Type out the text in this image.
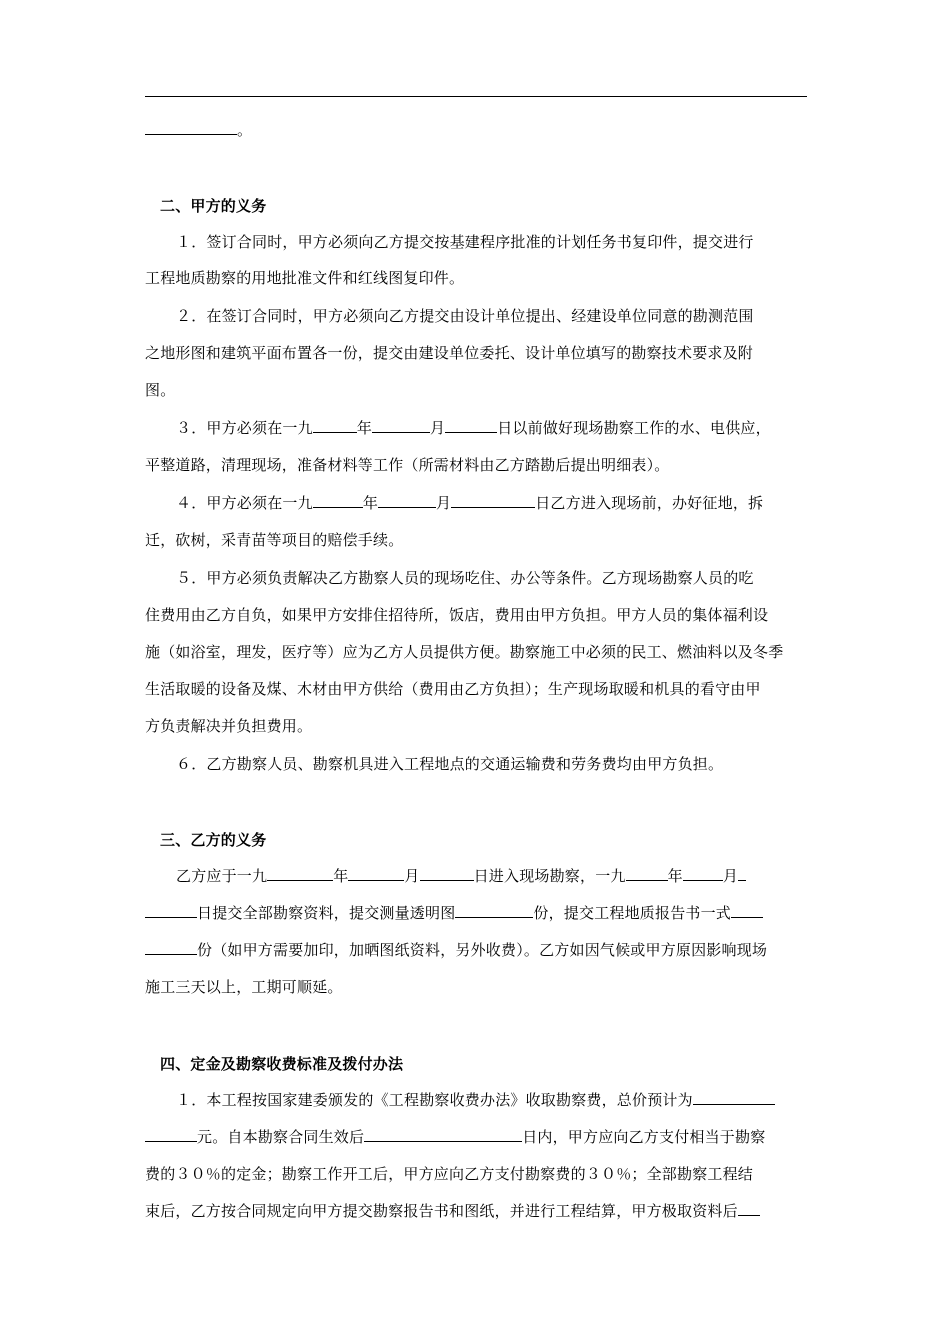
。
二、甲方的义务
１．签订合同时，甲方必须向乙方提交按基建程序批准的计划任务书复印件，提交进行
工程地质勘察的用地批准文件和红线图复印件。
２．在签订合同时，甲方必须向乙方提交由设计单位提出、经建设单位同意的勘测范围
之地形图和建筑平面布置各一份，提交由建设单位委托、设计单位填写的勘察技术要求及附
图。
３．甲方必须在一九	年	月	日以前做好现场勘察工作的水、电供应，
平整道路，清理现场，准备材料等工作（所需材料由乙方踏勘后提出明细表）。
４．甲方必须在一九	年	月	日乙方进入现场前，办好征地，拆
迁，砍树，采青苗等项目的赔偿手续。
５．甲方必须负责解决乙方勘察人员的现场吃住、办公等条件。乙方现场勘察人员的吃
住费用由乙方自负，如果甲方安排住招待所，饭店，费用由甲方负担。甲方人员的集体福利设
施（如浴室，理发，医疗等）应为乙方人员提供方便。勘察施工中必须的民工、燃油料以及冬季
生活取暖的设备及煤、木材由甲方供给（费用由乙方负担）；生产现场取暖和机具的看守由甲
方负责解决并负担费用。
６．乙方勘察人员、勘察机具进入工程地点的交通运输费和劳务费均由甲方负担。
三、乙方的义务
乙方应于一九	年	月	日进入现场勘察，一九	年	月
日提交全部勘察资料，提交测量透明图	份，提交工程地质报告书一式
份（如甲方需要加印，加晒图纸资料，另外收费）。乙方如因气候或甲方原因影响现场
施工三天以上，工期可顺延。
四、定金及勘察收费标准及拨付办法
１．本工程按国家建委颁发的《工程勘察收费办法》收取勘察费，总价预计为
元。自本勘察合同生效后	日内，甲方应向乙方支付相当于勘察
费的３０％的定金；勘察工作开工后，甲方应向乙方支付勘察费的３０％；全部勘察工程结
束后，乙方按合同规定向甲方提交勘察报告书和图纸，并进行工程结算，甲方极取资料后
